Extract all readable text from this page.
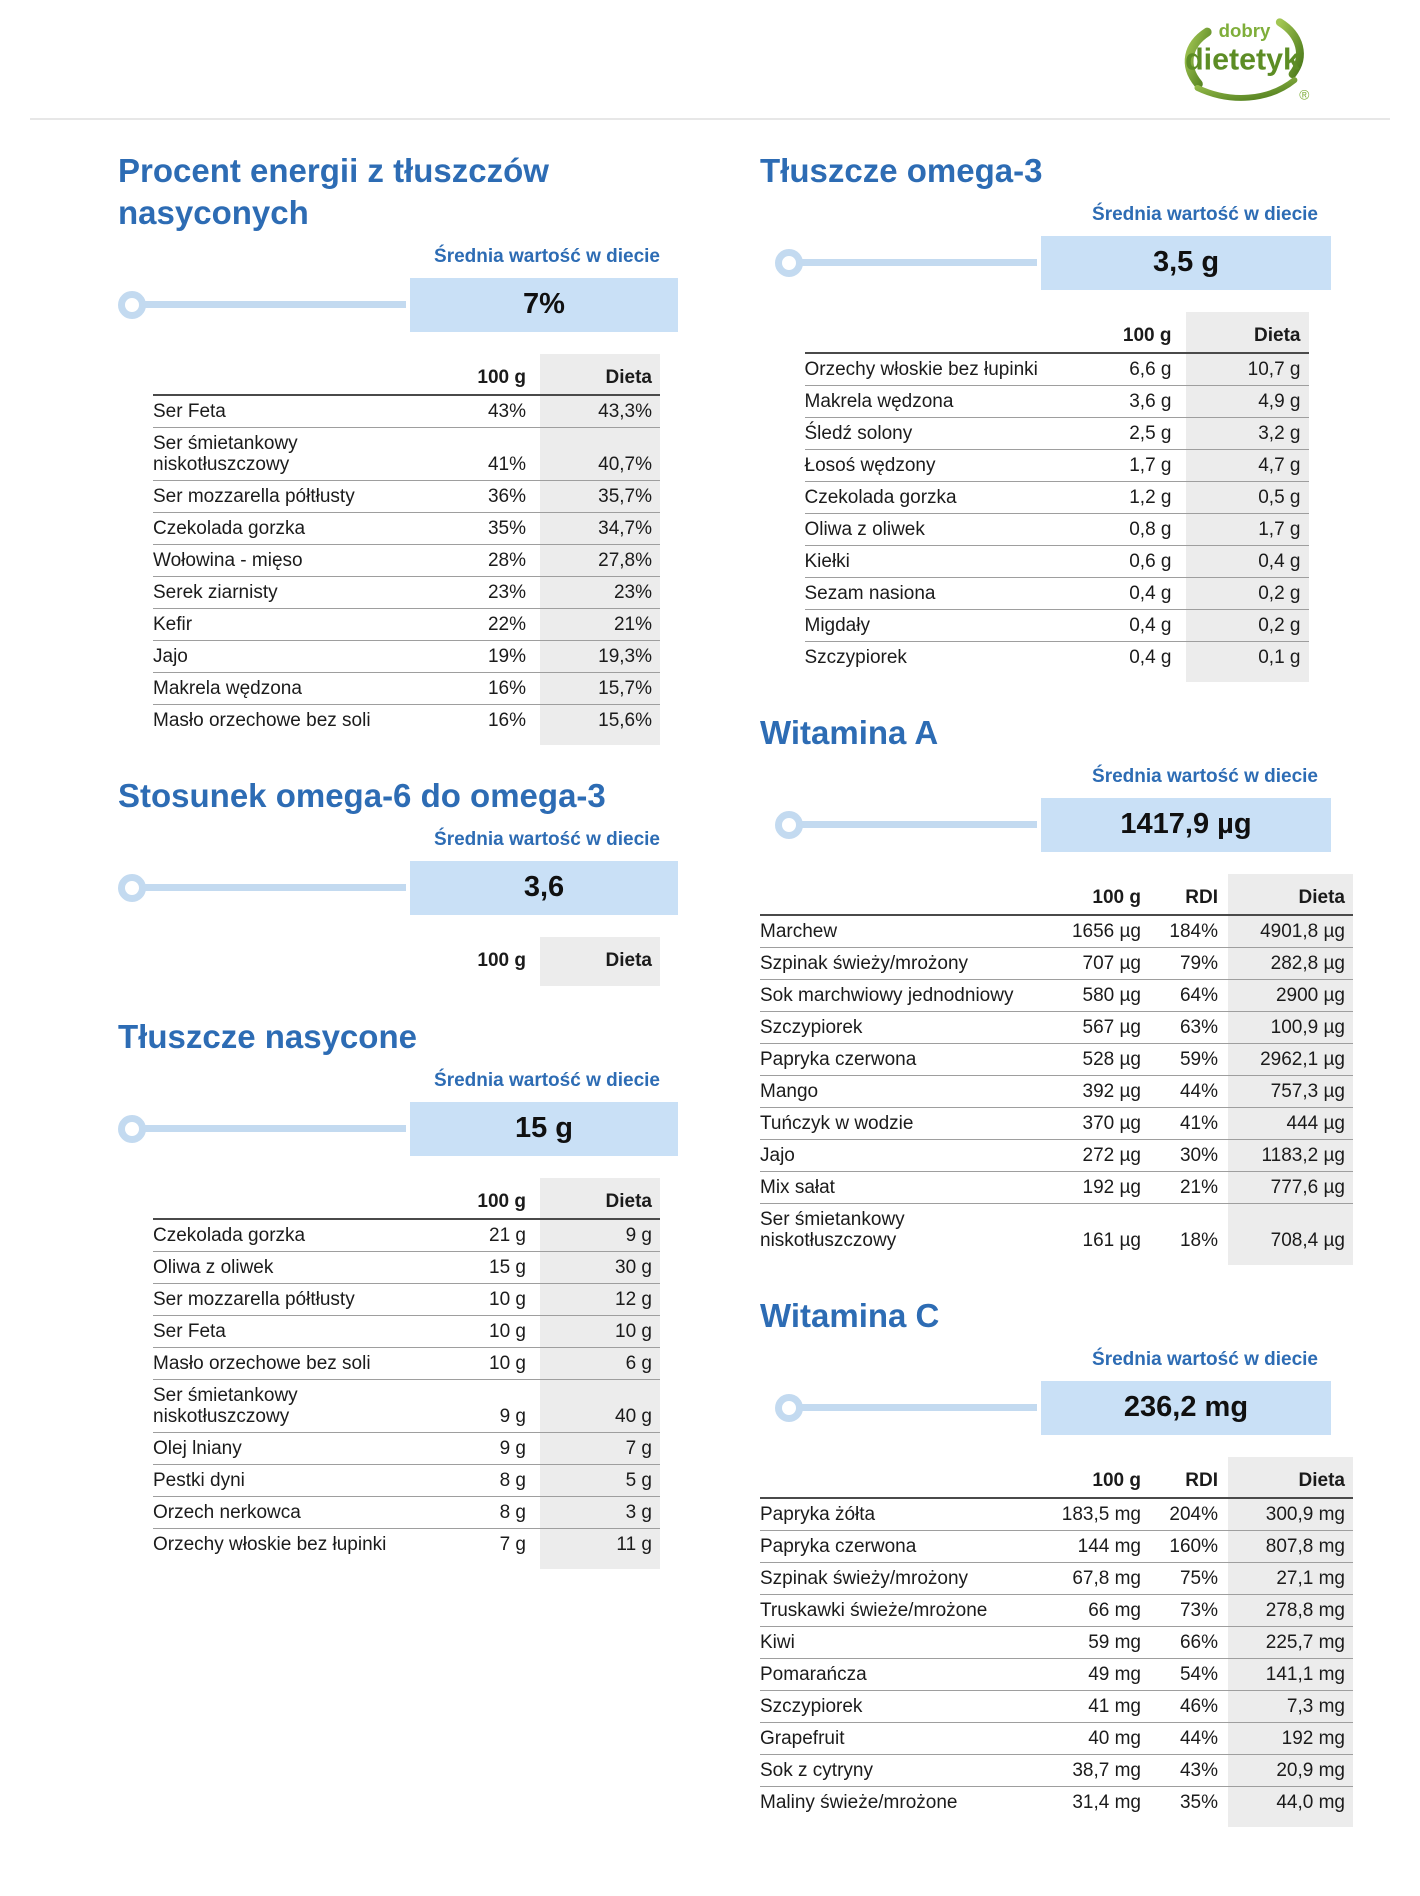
dobry
dietetyk
®
Procent energii z tłuszczów nasyconych
Średnia wartość w diecie
7%
	100 g	Dieta
Ser Feta	43%	43,3%
Ser śmietankowy niskotłuszczowy	41%	40,7%
Ser mozzarella półtłusty	36%	35,7%
Czekolada gorzka	35%	34,7%
Wołowina - mięso	28%	27,8%
Serek ziarnisty	23%	23%
Kefir	22%	21%
Jajo	19%	19,3%
Makrela wędzona	16%	15,7%
Masło orzechowe bez soli	16%	15,6%

Stosunek omega-6 do omega-3
Średnia wartość w diecie
3,6
	100 g	Dieta

Tłuszcze nasycone
Średnia wartość w diecie
15 g
	100 g	Dieta
Czekolada gorzka	21 g	9 g
Oliwa z oliwek	15 g	30 g
Ser mozzarella półtłusty	10 g	12 g
Ser Feta	10 g	10 g
Masło orzechowe bez soli	10 g	6 g
Ser śmietankowy niskotłuszczowy	9 g	40 g
Olej lniany	9 g	7 g
Pestki dyni	8 g	5 g
Orzech nerkowca	8 g	3 g
Orzechy włoskie bez łupinki	7 g	11 g

Tłuszcze omega-3
Średnia wartość w diecie
3,5 g
	100 g	Dieta
Orzechy włoskie bez łupinki	6,6 g	10,7 g
Makrela wędzona	3,6 g	4,9 g
Śledź solony	2,5 g	3,2 g
Łosoś wędzony	1,7 g	4,7 g
Czekolada gorzka	1,2 g	0,5 g
Oliwa z oliwek	0,8 g	1,7 g
Kiełki	0,6 g	0,4 g
Sezam nasiona	0,4 g	0,2 g
Migdały	0,4 g	0,2 g
Szczypiorek	0,4 g	0,1 g

Witamina A
Średnia wartość w diecie
1417,9 µg
	100 g	RDI	Dieta
Marchew	1656 µg	184%	4901,8 µg
Szpinak świeży/mrożony	707 µg	79%	282,8 µg
Sok marchwiowy jednodniowy	580 µg	64%	2900 µg
Szczypiorek	567 µg	63%	100,9 µg
Papryka czerwona	528 µg	59%	2962,1 µg
Mango	392 µg	44%	757,3 µg
Tuńczyk w wodzie	370 µg	41%	444 µg
Jajo	272 µg	30%	1183,2 µg
Mix sałat	192 µg	21%	777,6 µg
Ser śmietankowy niskotłuszczowy	161 µg	18%	708,4 µg

Witamina C
Średnia wartość w diecie
236,2 mg
	100 g	RDI	Dieta
Papryka żółta	183,5 mg	204%	300,9 mg
Papryka czerwona	144 mg	160%	807,8 mg
Szpinak świeży/mrożony	67,8 mg	75%	27,1 mg
Truskawki świeże/mrożone	66 mg	73%	278,8 mg
Kiwi	59 mg	66%	225,7 mg
Pomarańcza	49 mg	54%	141,1 mg
Szczypiorek	41 mg	46%	7,3 mg
Grapefruit	40 mg	44%	192 mg
Sok z cytryny	38,7 mg	43%	20,9 mg
Maliny świeże/mrożone	31,4 mg	35%	44,0 mg
